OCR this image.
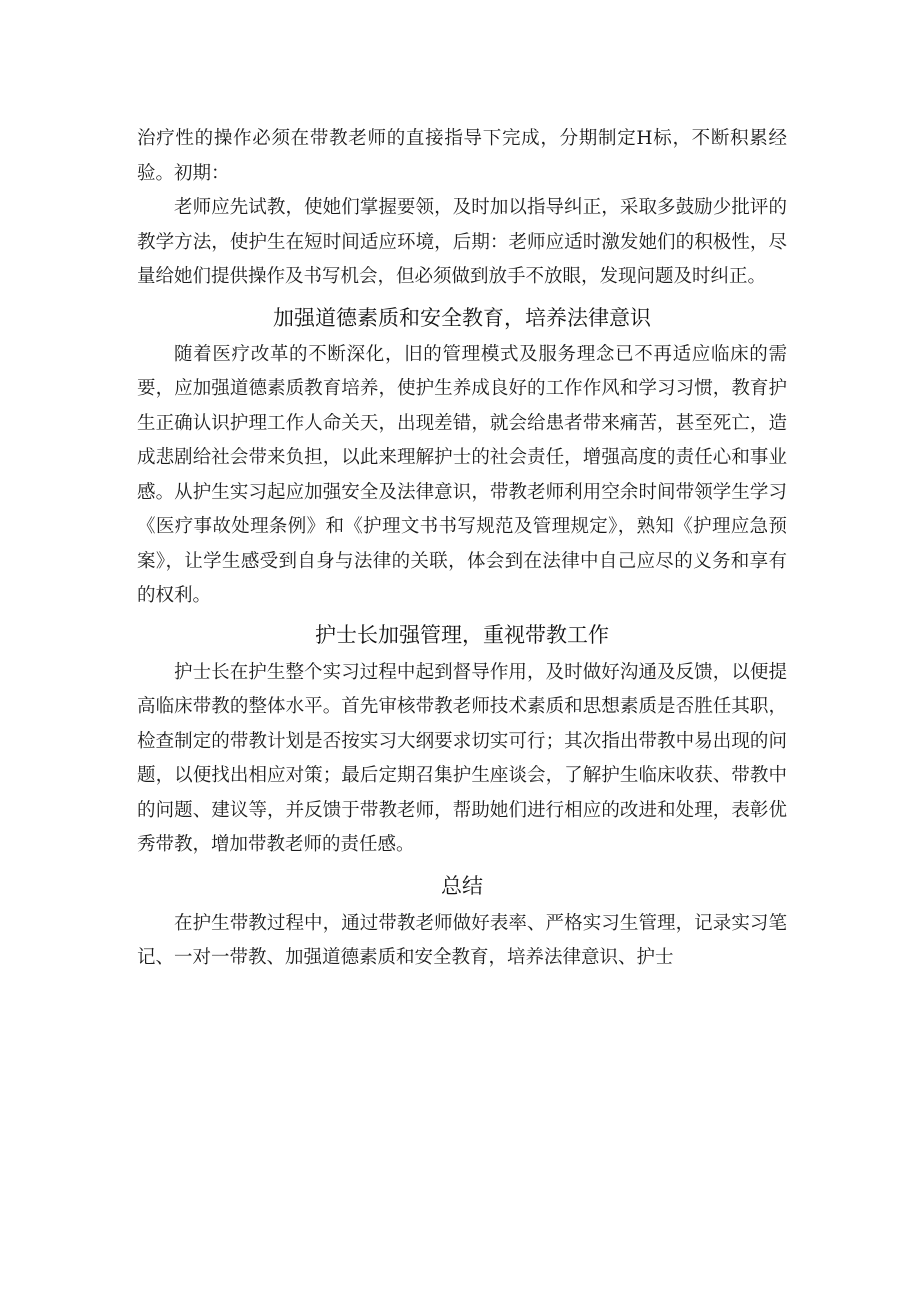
治疗性的操作必须在带教老师的直接指导下完成，分期制定H标，不断积累经验。初期：

老师应先试教，使她们掌握要领，及时加以指导纠正，采取多鼓励少批评的教学方法，使护生在短时间适应环境，后期：老师应适时激发她们的积极性，尽量给她们提供操作及书写机会，但必须做到放手不放眼，发现问题及时纠正。

加强道德素质和安全教育，培养法律意识

随着医疗改革的不断深化，旧的管理模式及服务理念已不再适应临床的需要，应加强道德素质教育培养，使护生养成良好的工作作风和学习习惯，教育护生正确认识护理工作人命关天，出现差错，就会给患者带来痛苦，甚至死亡，造成悲剧给社会带来负担，以此来理解护士的社会责任，增强高度的责任心和事业感。从护生实习起应加强安全及法律意识，带教老师利用空余时间带领学生学习《医疗事故处理条例》和《护理文书书写规范及管理规定》，熟知《护理应急预案》，让学生感受到自身与法律的关联，体会到在法律中自己应尽的义务和享有的权利。

护士长加强管理，重视带教工作

护士长在护生整个实习过程中起到督导作用，及时做好沟通及反馈，以便提高临床带教的整体水平。首先审核带教老师技术素质和思想素质是否胜任其职，检查制定的带教计划是否按实习大纲要求切实可行；其次指出带教中易出现的问题，以便找出相应对策；最后定期召集护生座谈会，了解护生临床收获、带教中的问题、建议等，并反馈于带教老师，帮助她们进行相应的改进和处理，表彰优秀带教，增加带教老师的责任感。

总结

在护生带教过程中，通过带教老师做好表率、严格实习生管理，记录实习笔记、一对一带教、加强道德素质和安全教育，培养法律意识、护士
